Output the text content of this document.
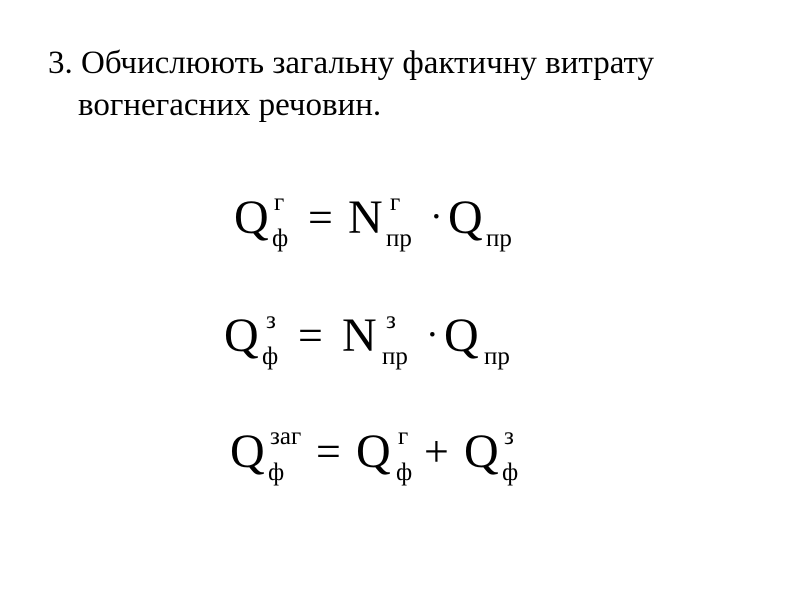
3. Обчислюють загальну фактичну витрату
вогнегасних речовин.
Q г
ф = N г
пр
· Q пр
Q з
ф = N з
пр
· Q пр
Q заг
ф = Q г
ф + Q з
ф
